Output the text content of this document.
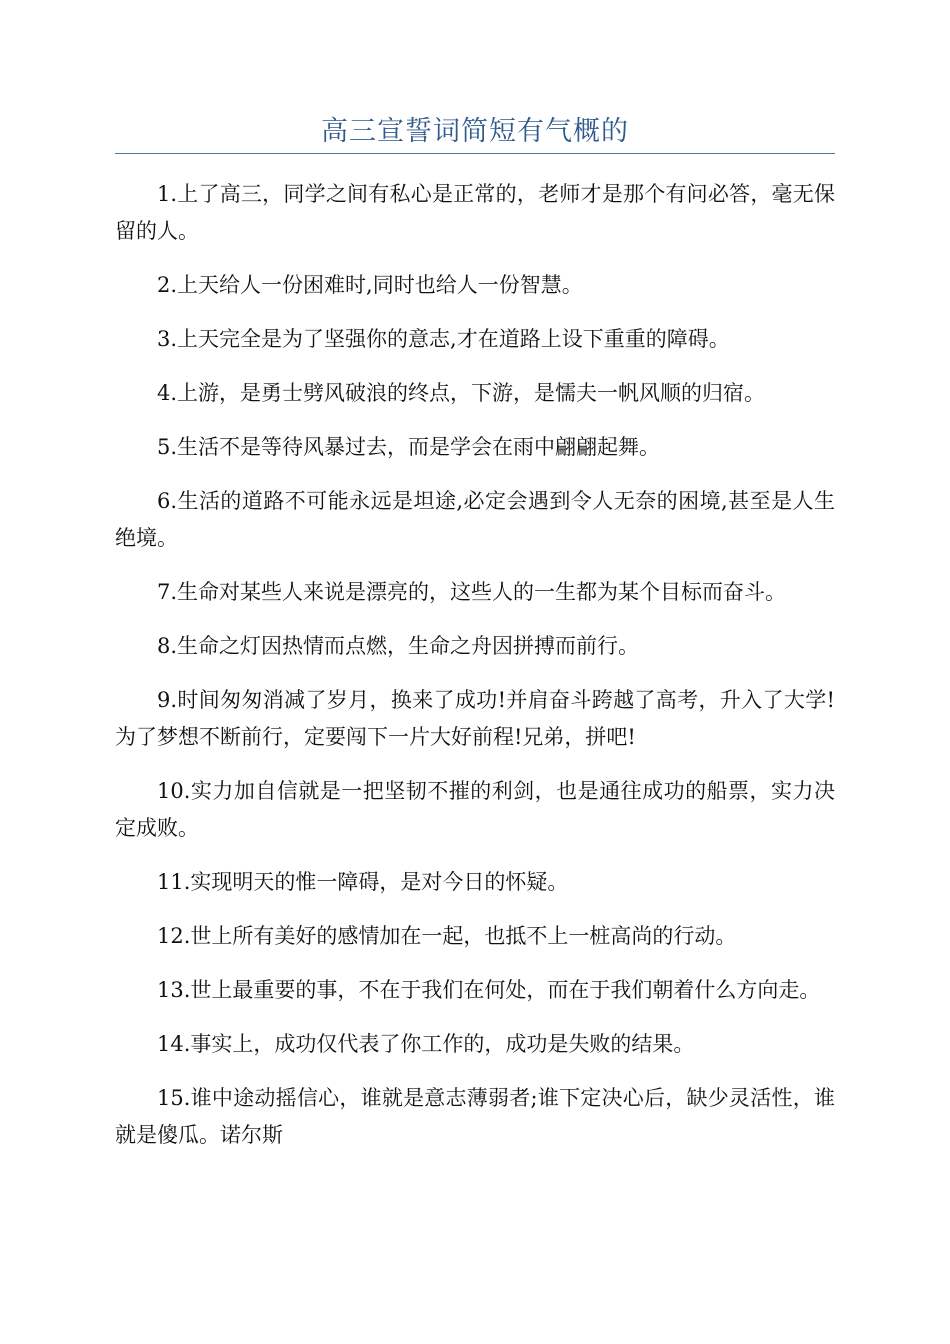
高三宣誓词简短有气概的

1.上了高三，同学之间有私心是正常的，老师才是那个有问必答，毫无保留的人。

2.上天给人一份困难时,同时也给人一份智慧。

3.上天完全是为了坚强你的意志,才在道路上设下重重的障碍。

4.上游，是勇士劈风破浪的终点，下游，是懦夫一帆风顺的归宿。

5.生活不是等待风暴过去，而是学会在雨中翩翩起舞。

6.生活的道路不可能永远是坦途,必定会遇到令人无奈的困境,甚至是人生绝境。

7.生命对某些人来说是漂亮的，这些人的一生都为某个目标而奋斗。

8.生命之灯因热情而点燃，生命之舟因拼搏而前行。

9.时间匆匆消减了岁月，换来了成功!并肩奋斗跨越了高考，升入了大学!为了梦想不断前行，定要闯下一片大好前程!兄弟，拼吧!

10.实力加自信就是一把坚韧不摧的利剑，也是通往成功的船票，实力决定成败。

11.实现明天的惟一障碍，是对今日的怀疑。

12.世上所有美好的感情加在一起，也抵不上一桩高尚的行动。

13.世上最重要的事，不在于我们在何处，而在于我们朝着什么方向走。

14.事实上，成功仅代表了你工作的，成功是失败的结果。

15.谁中途动摇信心，谁就是意志薄弱者;谁下定决心后，缺少灵活性，谁就是傻瓜。诺尔斯
